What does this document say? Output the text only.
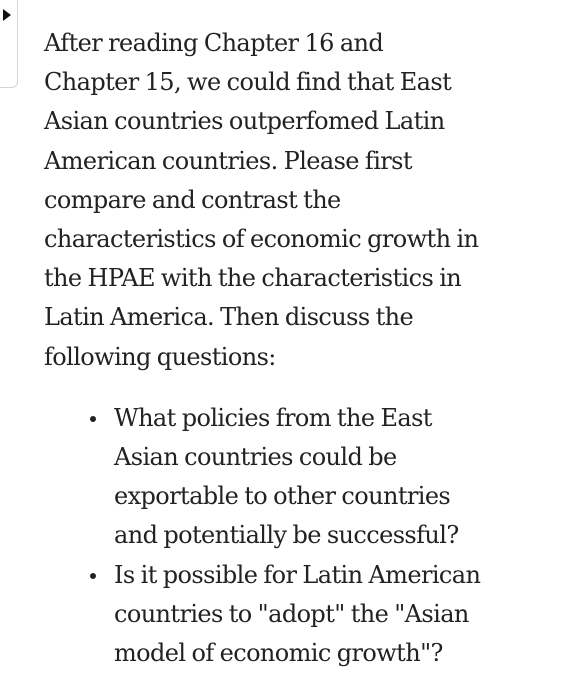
After reading Chapter 16 and
Chapter 15, we could find that East
Asian countries outperfomed Latin
American countries. Please first
compare and contrast the
characteristics of economic growth in
the HPAE with the characteristics in
Latin America. Then discuss the
following questions:

What policies from the East
Asian countries could be
exportable to other countries
and potentially be successful?
Is it possible for Latin American
countries to "adopt" the "Asian
model of economic growth"?
